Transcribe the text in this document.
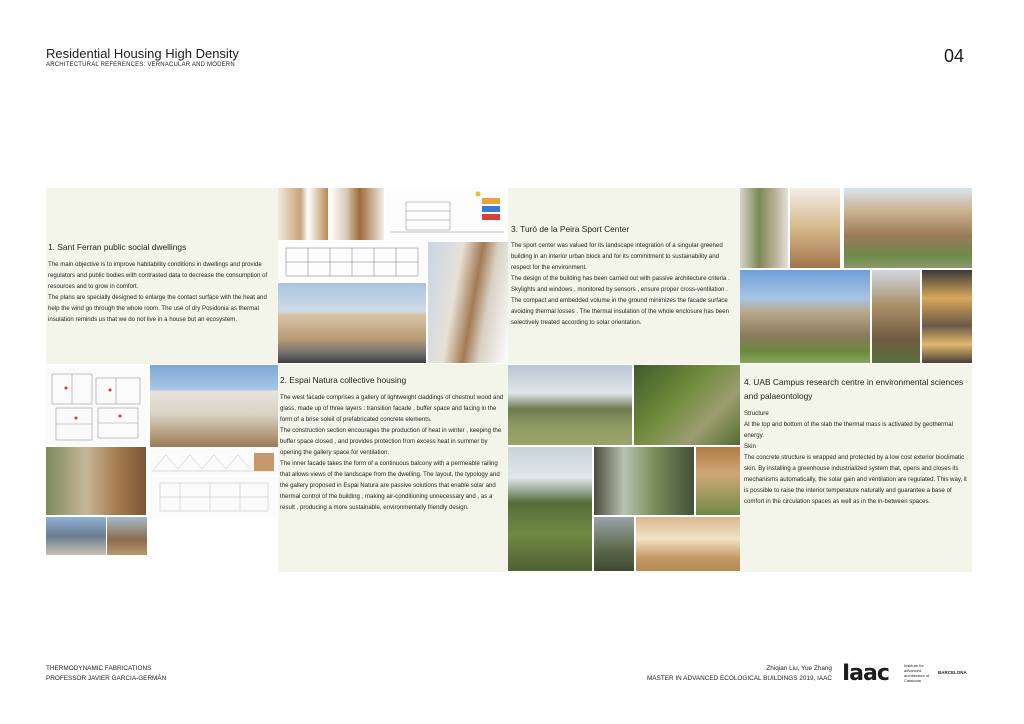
Residential Housing High Density
ARCHITECTURAL REFERENCES: VERNACULAR AND MODERN	04
1. Sant Ferran public social dwellings

The main objective is to improve habitability conditions in dwellings and provide regulators and public bodies with contrasted data to decrease the consumption of resources and to grow in comfort.

The plans are specially designed to enlarge the contact surface with the heat and help the wind go through the whole room. The use of dry Posidonia as thermal insulation reminds us that we do not live in a house but an ecosystem.

2. Espai Natura collective housing

The west facade comprises a gallery of lightweight claddings of chestnut wood and glass, made up of three layers : transition facade , buffer space and facing in the form of a brise soleil of prefabricated concrete elements.

The construction section encourages the production of heat in winter , keeping the buffer space closed , and provides protection from excess heat in summer by opening the gallery space for ventilation.

The inner facade takes the form of a continuous balcony with a permeable railing that allows views of the landscape from the dwelling. The layout, the typology and the gallery proposed in Espai Natura are passive solutions that enable solar and thermal control of the building , making air-conditioning unnecessary and , as a result , producing a more sustainable, environmentally friendly design.

3. Turó de la Peira Sport Center

The sport center was valued for its landscape integration of a singular greened building in an interior urban block and for its commitment to sustainability and respect for the environment.

The design of the building has been carried out with passive architecture criteria . Skylights and windows , monitored by sensors , ensure proper cross-ventilation . The compact and embedded volume in the ground minimizes the facade surface avoiding thermal losses . The thermal insulation of the whole enclosure has been selectively treated according to solar orientation.

4. UAB Campus research centre in environmental sciences and palaeontology

Structure

At the top and bottom of the slab the thermal mass is activated by geothermal energy.

Skin

The concrete structure is wrapped and protected by a low cost exterior bioclimatic skin. By installing a greenhouse industrialized system that, opens and closes its mechanisms automatically, the solar gain and ventilation are regulated. This way, it is possible to raise the interior temperature naturally and guarantee a base of comfort in the circulation spaces as well as in the in-between spaces.

THERMODYNAMIC FABRICATIONS
PROFESSOR JAVIER GARCIA-GERMÁN
Zhiqian Liu, Yue Zhang
MASTER IN ADVANCED ECOLOGICAL BUILDINGS 2019, IAAC Iaac	Institute for advanced architecture of Catalonia
BARCELONA
